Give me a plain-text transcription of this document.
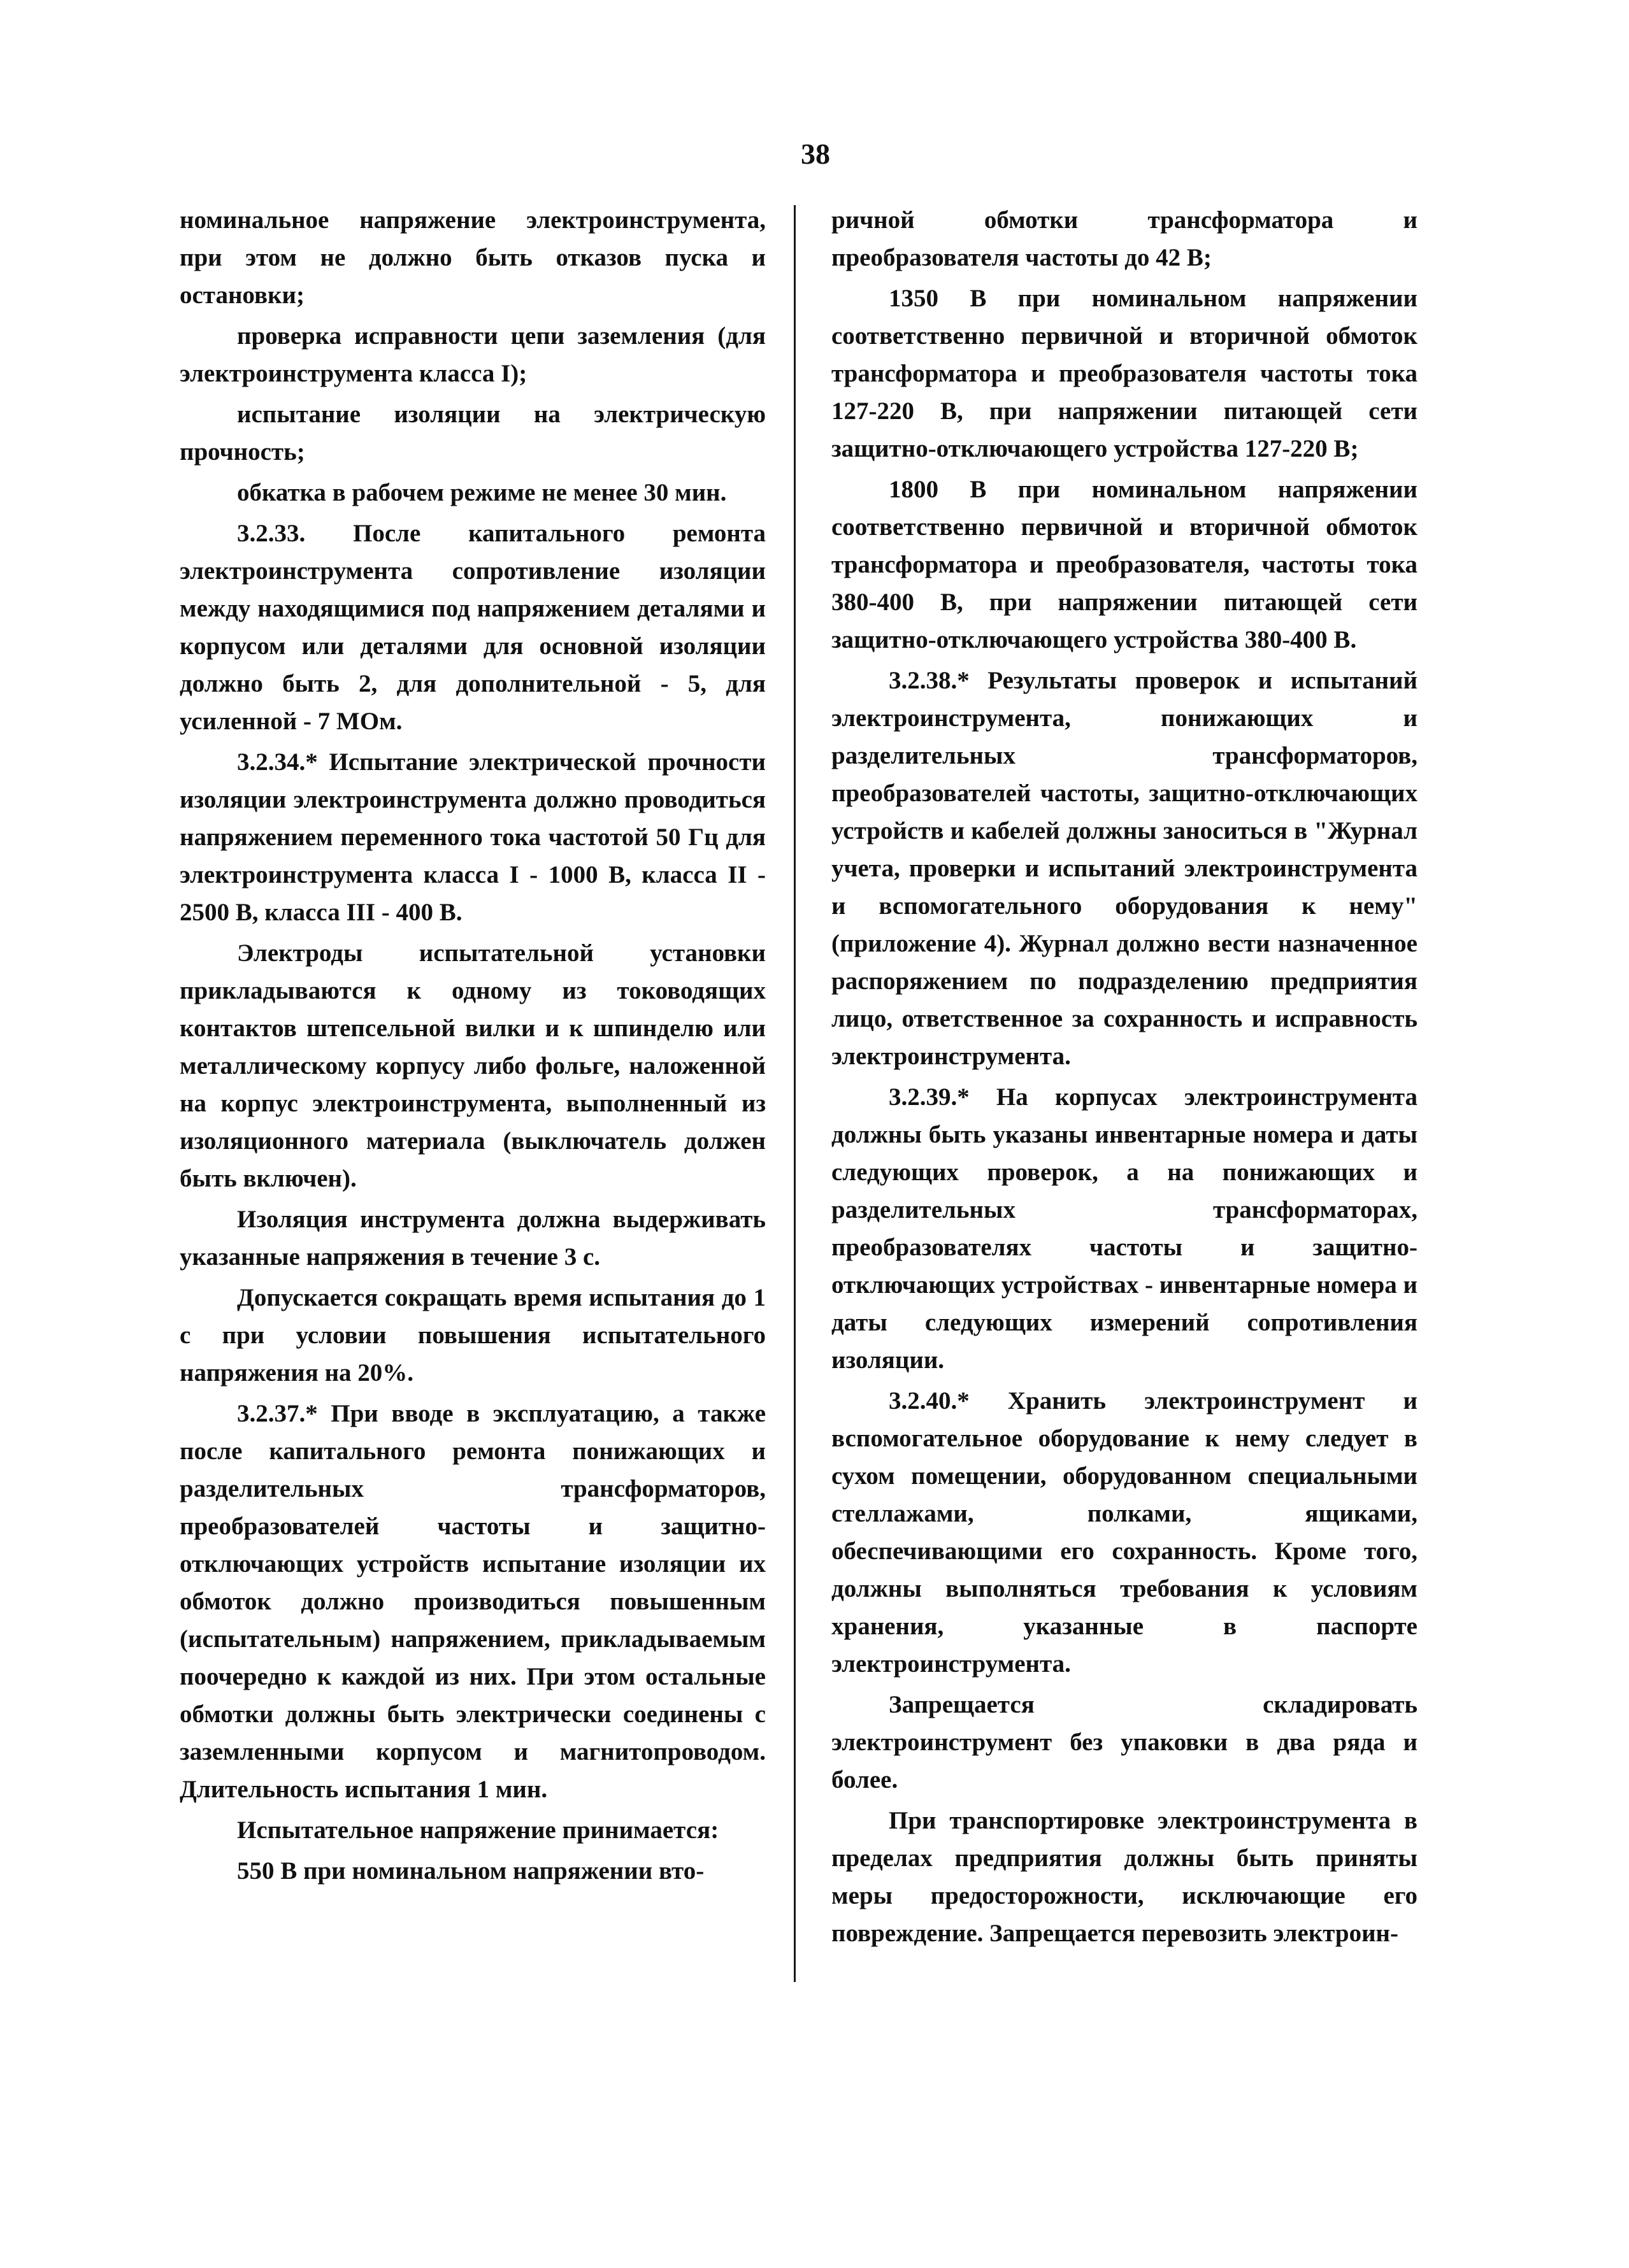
38

номинальное напряжение электроинструмента, при этом не должно быть отказов пуска и остановки;

проверка исправности цепи заземления (для электроинструмента класса I);

испытание изоляции на электрическую прочность;

обкатка в рабочем режиме не менее 30 мин.

3.2.33. После капитального ремонта электроинструмента сопротивление изоляции между находящимися под напряжением деталями и корпусом или деталями для основной изоляции должно быть 2, для дополнительной - 5, для усиленной - 7 МОм.

3.2.34.* Испытание электрической прочности изоляции электроинструмента должно проводиться напряжением переменного тока частотой 50 Гц для электроинструмента класса I - 1000 В, класса II - 2500 В, класса III - 400 В.

Электроды испытательной установки прикладываются к одному из тоководящих контактов штепсельной вилки и к шпинделю или металлическому корпусу либо фольге, наложенной на корпус электроинструмента, выполненный из изоляционного материала (выключатель должен быть включен).

Изоляция инструмента должна выдерживать указанные напряжения в течение 3 с.

Допускается сокращать время испытания до 1 с при условии повышения испытательного напряжения на 20%.

3.2.37.* При вводе в эксплуатацию, а также после капитального ремонта понижающих и разделительных трансформаторов, преобразователей частоты и защитно-отключающих устройств испытание изоляции их обмоток должно производиться повышенным (испытательным) напряжением, прикладываемым поочередно к каждой из них. При этом остальные обмотки должны быть электрически соединены с заземленными корпусом и магнитопроводом. Длительность испытания 1 мин.

Испытательное напряжение принимается:

550 В при номинальном напряжении вто-

ричной обмотки трансформатора и преобразователя частоты до 42 В;

1350 В при номинальном напряжении соответственно первичной и вторичной обмоток трансформатора и преобразователя частоты тока 127-220 В, при напряжении питающей сети защитно-отключающего устройства 127-220 В;

1800 В при номинальном напряжении соответственно первичной и вторичной обмоток трансформатора и преобразователя, частоты тока 380-400 В, при напряжении питающей сети защитно-отключающего устройства 380-400 В.

3.2.38.* Результаты проверок и испытаний электроинструмента, понижающих и разделительных трансформаторов, преобразователей частоты, защитно-отключающих устройств и кабелей должны заноситься в "Журнал учета, проверки и испытаний электроинструмента и вспомогательного оборудования к нему" (приложение 4). Журнал должно вести назначенное распоряжением по подразделению предприятия лицо, ответственное за сохранность и исправность электроинструмента.

3.2.39.* На корпусах электроинструмента должны быть указаны инвентарные номера и даты следующих проверок, а на понижающих и разделительных трансформаторах, преобразователях частоты и защитно-отключающих устройствах - инвентарные номера и даты следующих измерений сопротивления изоляции.

3.2.40.* Хранить электроинструмент и вспомогательное оборудование к нему следует в сухом помещении, оборудованном специальными стеллажами, полками, ящиками, обеспечивающими его сохранность. Кроме того, должны выполняться требования к условиям хранения, указанные в паспорте электроинструмента.

Запрещается складировать электроинструмент без упаковки в два ряда и более.

При транспортировке электроинструмента в пределах предприятия должны быть приняты меры предосторожности, исключающие его повреждение. Запрещается перевозить электроин-
